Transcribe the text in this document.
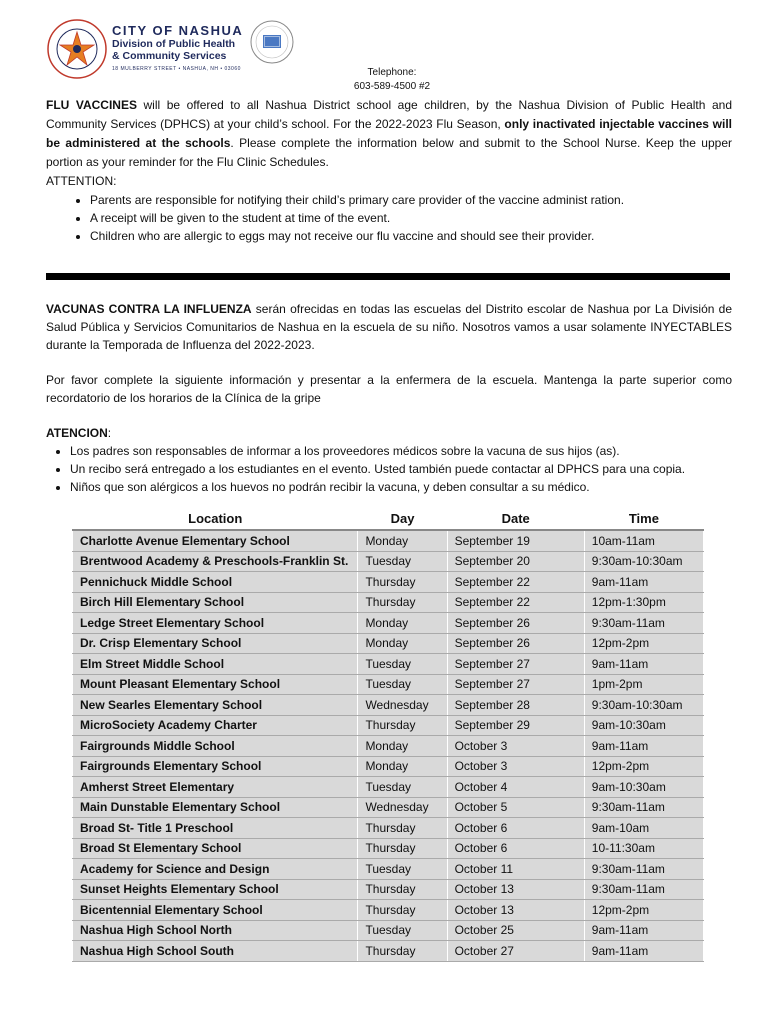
CITY OF NASHUA
Division of Public Health
& Community Services
18 MULBERRY STREET • NASHUA, NH • 03060	Telephone:
603-589-4500 #2

FLU VACCINES will be offered to all Nashua District school age children, by the Nashua Division of Public Health and Community Services (DPHCS) at your child’s school. For the 2022-2023 Flu Season, only inactivated injectable vaccines will be administered at the schools. Please complete the information below and submit to the School Nurse. Keep the upper portion as your reminder for the Flu Clinic Schedules.

ATTENTION:
• Parents are responsible for notifying their child’s primary care provider of the vaccine administ ration.
• A receipt will be given to the student at time of the event.
• Children who are allergic to eggs may not receive our flu vaccine and should see their provider.

VACUNAS CONTRA LA INFLUENZA serán ofrecidas en todas las escuelas del Distrito escolar de Nashua por La División de Salud Pública y Servicios Comunitarios de Nashua en la escuela de su niño. Nosotros vamos a usar solamente INYECTABLES durante la Temporada de Influenza del 2022-2023.

Por favor complete la siguiente información y presentar a la enfermera de la escuela. Mantenga la parte superior como recordatorio de los horarios de la Clínica de la gripe

ATENCION:
• Los padres son responsables de informar a los proveedores médicos sobre la vacuna de sus hijos (as).
• Un recibo será entregado a los estudiantes en el evento. Usted también puede contactar al DPHCS para una copia.
• Niños que son alérgicos a los huevos no podrán recibir la vacuna, y deben consultar a su médico.
Location	Day	Date	Time
Charlotte Avenue Elementary School	Monday	September 19	10am-11am
Brentwood Academy & Preschools-Franklin St.	Tuesday	September 20	9:30am-10:30am
Pennichuck Middle School	Thursday	September 22	9am-11am
Birch Hill Elementary School	Thursday	September 22	12pm-1:30pm
Ledge Street Elementary School	Monday	September 26	9:30am-11am
Dr. Crisp Elementary School	Monday	September 26	12pm-2pm
Elm Street Middle School	Tuesday	September 27	9am-11am
Mount Pleasant Elementary School	Tuesday	September 27	1pm-2pm
New Searles Elementary School	Wednesday	September 28	9:30am-10:30am
MicroSociety Academy Charter	Thursday	September 29	9am-10:30am
Fairgrounds Middle School	Monday	October 3	9am-11am
Fairgrounds Elementary School	Monday	October 3	12pm-2pm
Amherst Street Elementary	Tuesday	October 4	9am-10:30am
Main Dunstable Elementary School	Wednesday	October 5	9:30am-11am
Broad St- Title 1 Preschool	Thursday	October 6	9am-10am
Broad St Elementary School	Thursday	October 6	10-11:30am
Academy for Science and Design	Tuesday	October 11	9:30am-11am
Sunset Heights Elementary School	Thursday	October 13	9:30am-11am
Bicentennial Elementary School	Thursday	October 13	12pm-2pm
Nashua High School North	Tuesday	October 25	9am-11am
Nashua High School South	Thursday	October 27	9am-11am
